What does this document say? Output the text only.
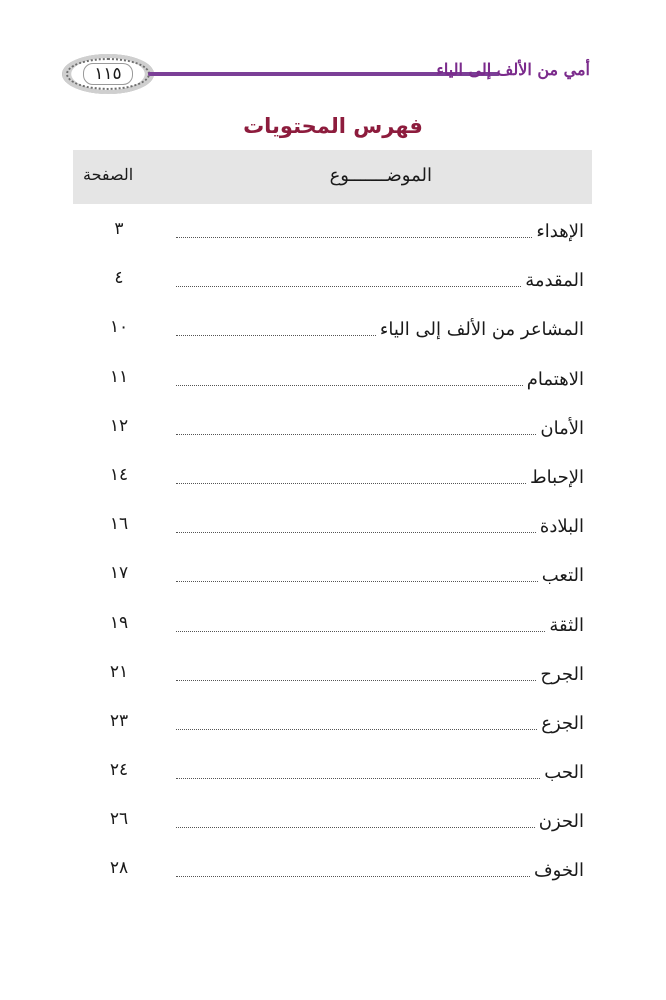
١١٥	أمي من الألف إلى الياء
فهرس المحتويات
الموضـــــــوع
الصفحة
الإهداء
٣
المقدمة
٤
المشاعر من الألف إلى الياء
١٠
الاهتمام
١١
الأمان
١٢
الإحباط
١٤
البلادة
١٦
التعب
١٧
الثقة
١٩
الجرح
٢١
الجزع
٢٣
الحب
٢٤
الحزن
٢٦
الخوف
٢٨
